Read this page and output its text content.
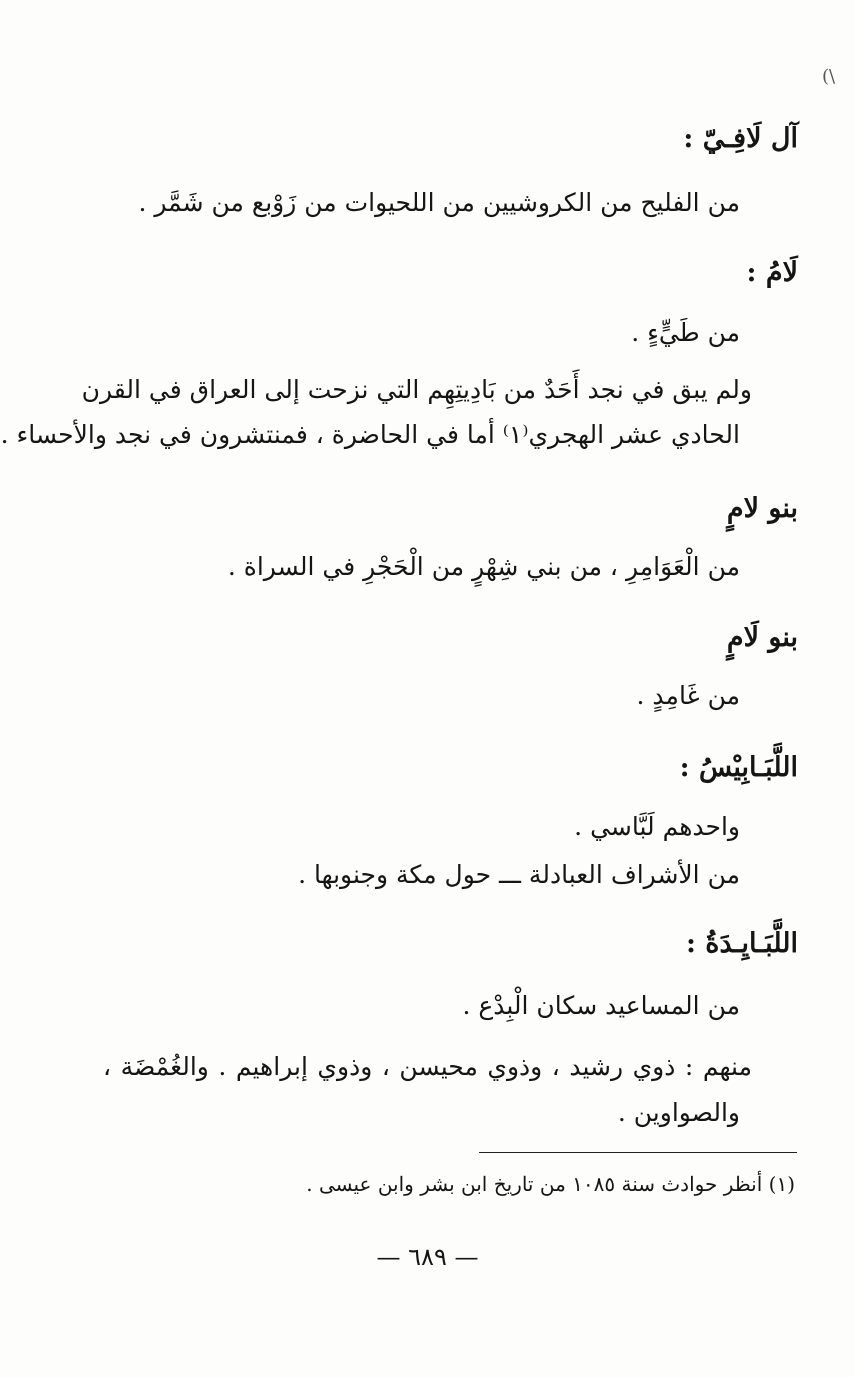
(\
آل لَافِـيّ :
من الفليح من الكروشيين من اللحيوات من زَوْبع من شَمَّر .
لَامُ :
من طَيٍّءٍ .
ولم يبق في نجد أَحَدٌ من بَادِيتِهِم التي نزحت إلى العراق في القرن
الحادي عشر الهجري⁽١⁾ أما في الحاضرة ، فمنتشرون في نجد والأحساء .
بنو لامٍ
من الْعَوَامِرِ ، من بني شِهْرٍ من الْحَجْرِ في السراة .
بنو لَامٍ
من غَامِدٍ .
اللَّبَـابِيْسُ :
واحدهم لَبَّاسي .
من الأشراف العبادلة ـــ حول مكة وجنوبها .
اللَّبَـايِـدَةُ :
من المساعيد سكان الْبِدْع .
منهم : ذوي رشيد ، وذوي محيسن ، وذوي إبراهيم . والغُمْضَة ،
والصواوين .
(١) أنظر حوادث سنة ١٠٨٥ من تاريخ ابن بشر وابن عيسى .
— ٦٨٩ —
